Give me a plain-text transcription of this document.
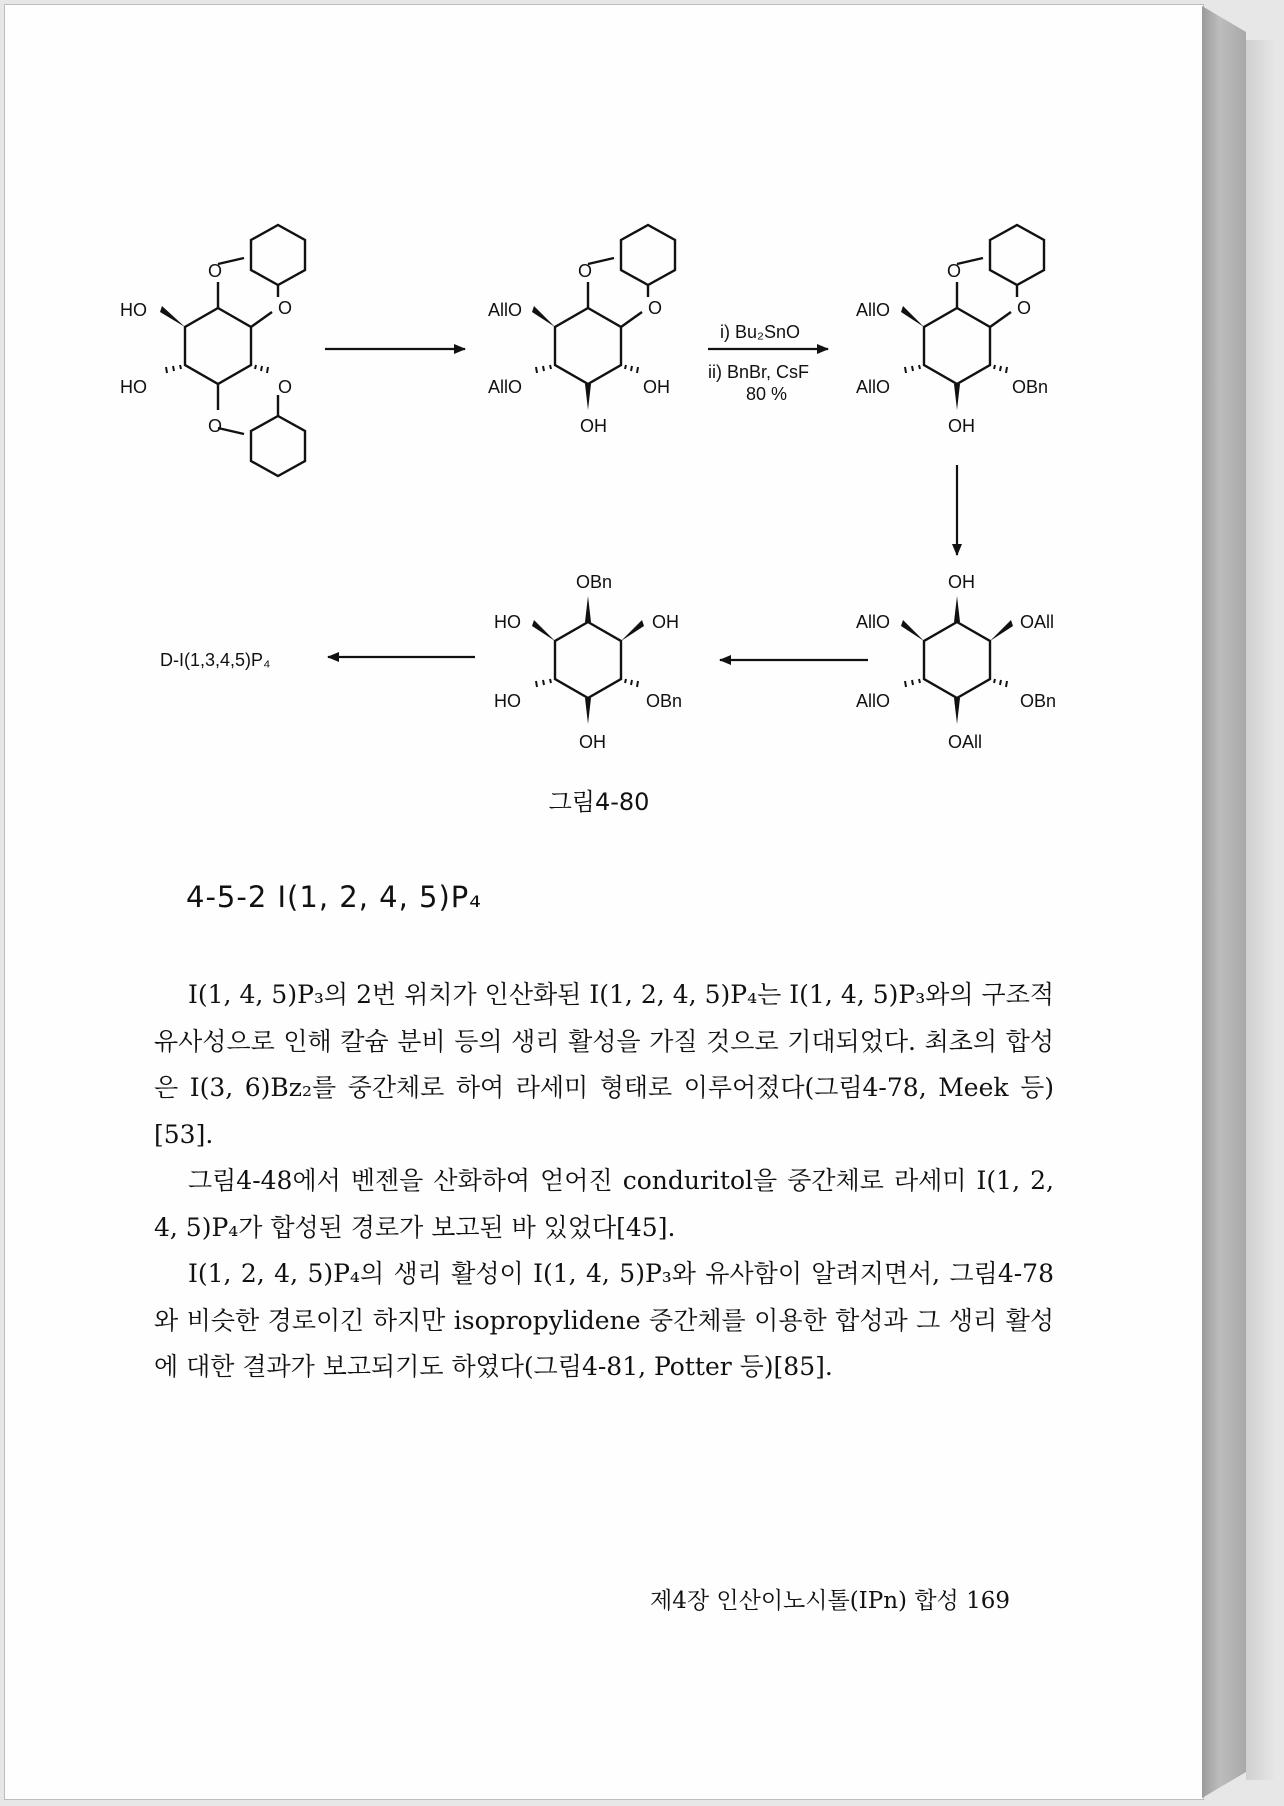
HO
HO
O
O
O
O
AllO
AllO	OH
OH
O
O
i) Bu₂SnO
ii) BnBr, CsF
80 %
AllO
AllO	OBn
OH
O
O
OH
AllO	OAll
AllO	OBn
OAll
OBn
HO	OH
HO	OBn
OH
D-I(1,3,4,5)P₄
그림4-80
4-5-2 I(1, 2, 4, 5)P₄

I(1, 4, 5)P₃의 2번 위치가 인산화된 I(1, 2, 4, 5)P₄는 I(1, 4, 5)P₃와의 구조적 유사성으로 인해 칼슘 분비 등의 생리 활성을 가질 것으로 기대되었다. 최초의 합성은 I(3, 6)Bz₂를 중간체로 하여 라세미 형태로 이루어졌다(그림4-78, Meek 등)[53].

그림4-48에서 벤젠을 산화하여 얻어진 conduritol을 중간체로 라세미 I(1, 2, 4, 5)P₄가 합성된 경로가 보고된 바 있었다[45].

I(1, 2, 4, 5)P₄의 생리 활성이 I(1, 4, 5)P₃와 유사함이 알려지면서, 그림4-78와 비슷한 경로이긴 하지만 isopropylidene 중간체를 이용한 합성과 그 생리 활성에 대한 결과가 보고되기도 하였다(그림4-81, Potter 등)[85].

제4장 인산이노시톨(IPn) 합성 169
